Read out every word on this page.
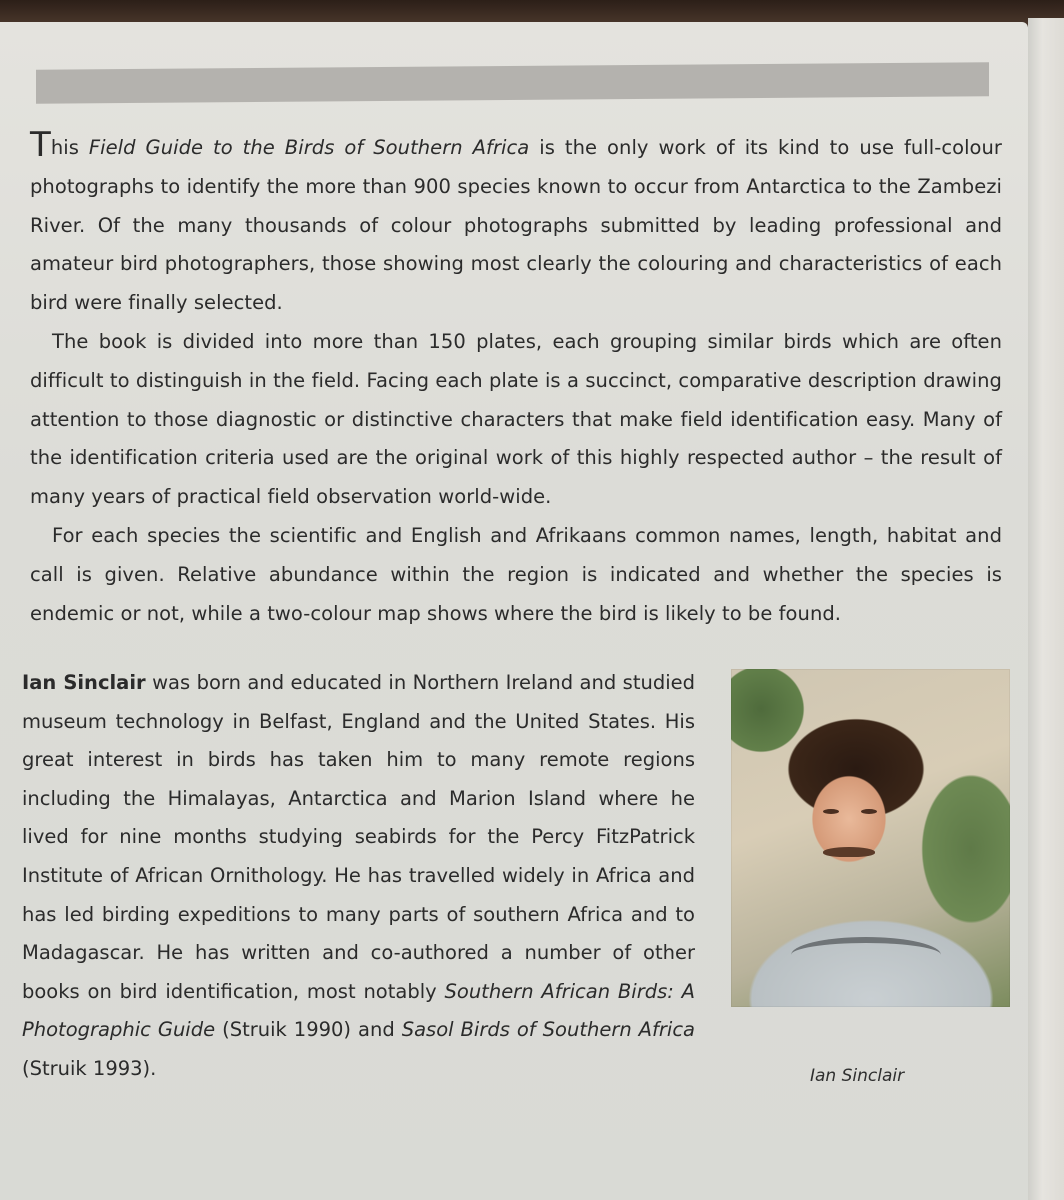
This Field Guide to the Birds of Southern Africa is the only work of its kind to use full-colour photographs to identify the more than 900 species known to occur from Antarctica to the Zambezi River. Of the many thousands of colour photographs submitted by leading professional and amateur bird photographers, those showing most clearly the colouring and characteristics of each bird were finally selected.

The book is divided into more than 150 plates, each grouping similar birds which are often difficult to distinguish in the field. Facing each plate is a succinct, comparative description drawing attention to those diagnostic or distinctive characters that make field identification easy. Many of the identification criteria used are the original work of this highly respected author – the result of many years of practical field observation world-wide.

For each species the scientific and English and Afrikaans common names, length, habitat and call is given. Relative abundance within the region is indicated and whether the species is endemic or not, while a two-colour map shows where the bird is likely to be found.

Ian Sinclair was born and educated in Northern Ireland and studied museum technology in Belfast, England and the United States. His great interest in birds has taken him to many remote regions including the Himalayas, Antarctica and Marion Island where he lived for nine months studying seabirds for the Percy FitzPatrick Institute of African Ornithology. He has travelled widely in Africa and has led birding expeditions to many parts of southern Africa and to Madagascar. He has written and co-authored a number of other books on bird identification, most notably Southern African Birds: A Photographic Guide (Struik 1990) and Sasol Birds of Southern Africa (Struik 1993).	Ian Sinclair
